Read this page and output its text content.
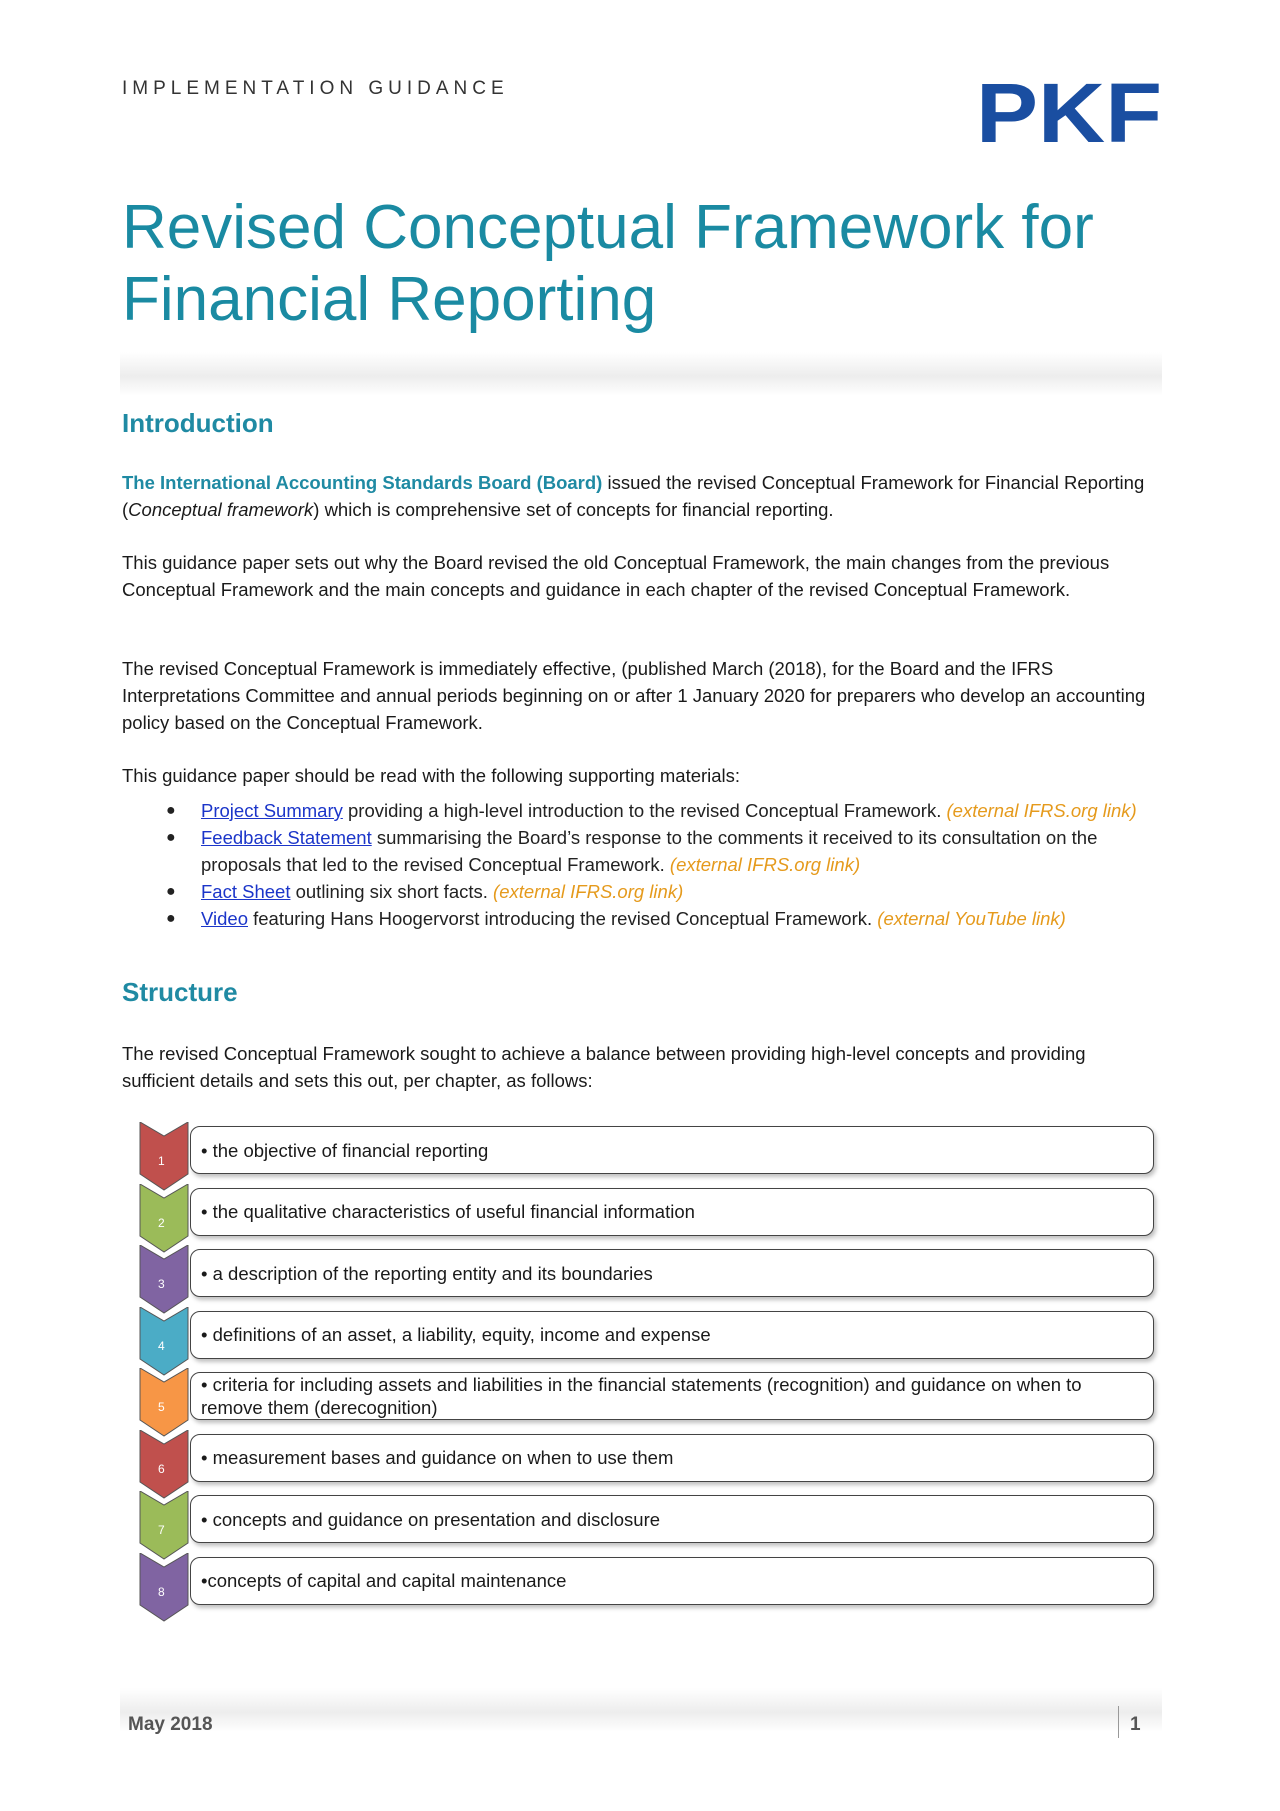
IMPLEMENTATION GUIDANCE	PKF
Revised Conceptual Framework for
Financial Reporting
Introduction

The International Accounting Standards Board (Board) issued the revised Conceptual Framework for Financial Reporting (Conceptual framework) which is comprehensive set of concepts for financial reporting.

This guidance paper sets out why the Board revised the old Conceptual Framework, the main changes from the previous Conceptual Framework and the main concepts and guidance in each chapter of the revised Conceptual Framework.

The revised Conceptual Framework is immediately effective, (published March (2018), for the Board and the IFRS Interpretations Committee and annual periods beginning on or after 1 January 2020 for preparers who develop an accounting policy based on the Conceptual Framework.

This guidance paper should be read with the following supporting materials:

● Project Summary providing a high-level introduction to the revised Conceptual Framework. (external IFRS.org link)
● Feedback Statement summarising the Board’s response to the comments it received to its consultation on the proposals that led to the revised Conceptual Framework. (external IFRS.org link)
● Fact Sheet outlining six short facts. (external IFRS.org link)
● Video featuring Hans Hoogervorst introducing the revised Conceptual Framework. (external YouTube link)
Structure

The revised Conceptual Framework sought to achieve a balance between providing high-level concepts and providing sufficient details and sets this out, per chapter, as follows:

1
• the objective of financial reporting
2
• the qualitative characteristics of useful financial information
3
• a description of the reporting entity and its boundaries
4
• definitions of an asset, a liability, equity, income and expense
5
• criteria for including assets and liabilities in the financial statements (recognition) and guidance on when to remove them (derecognition)
6
• measurement bases and guidance on when to use them
7
• concepts and guidance on presentation and disclosure
8
•concepts of capital and capital maintenance
May 2018	1
